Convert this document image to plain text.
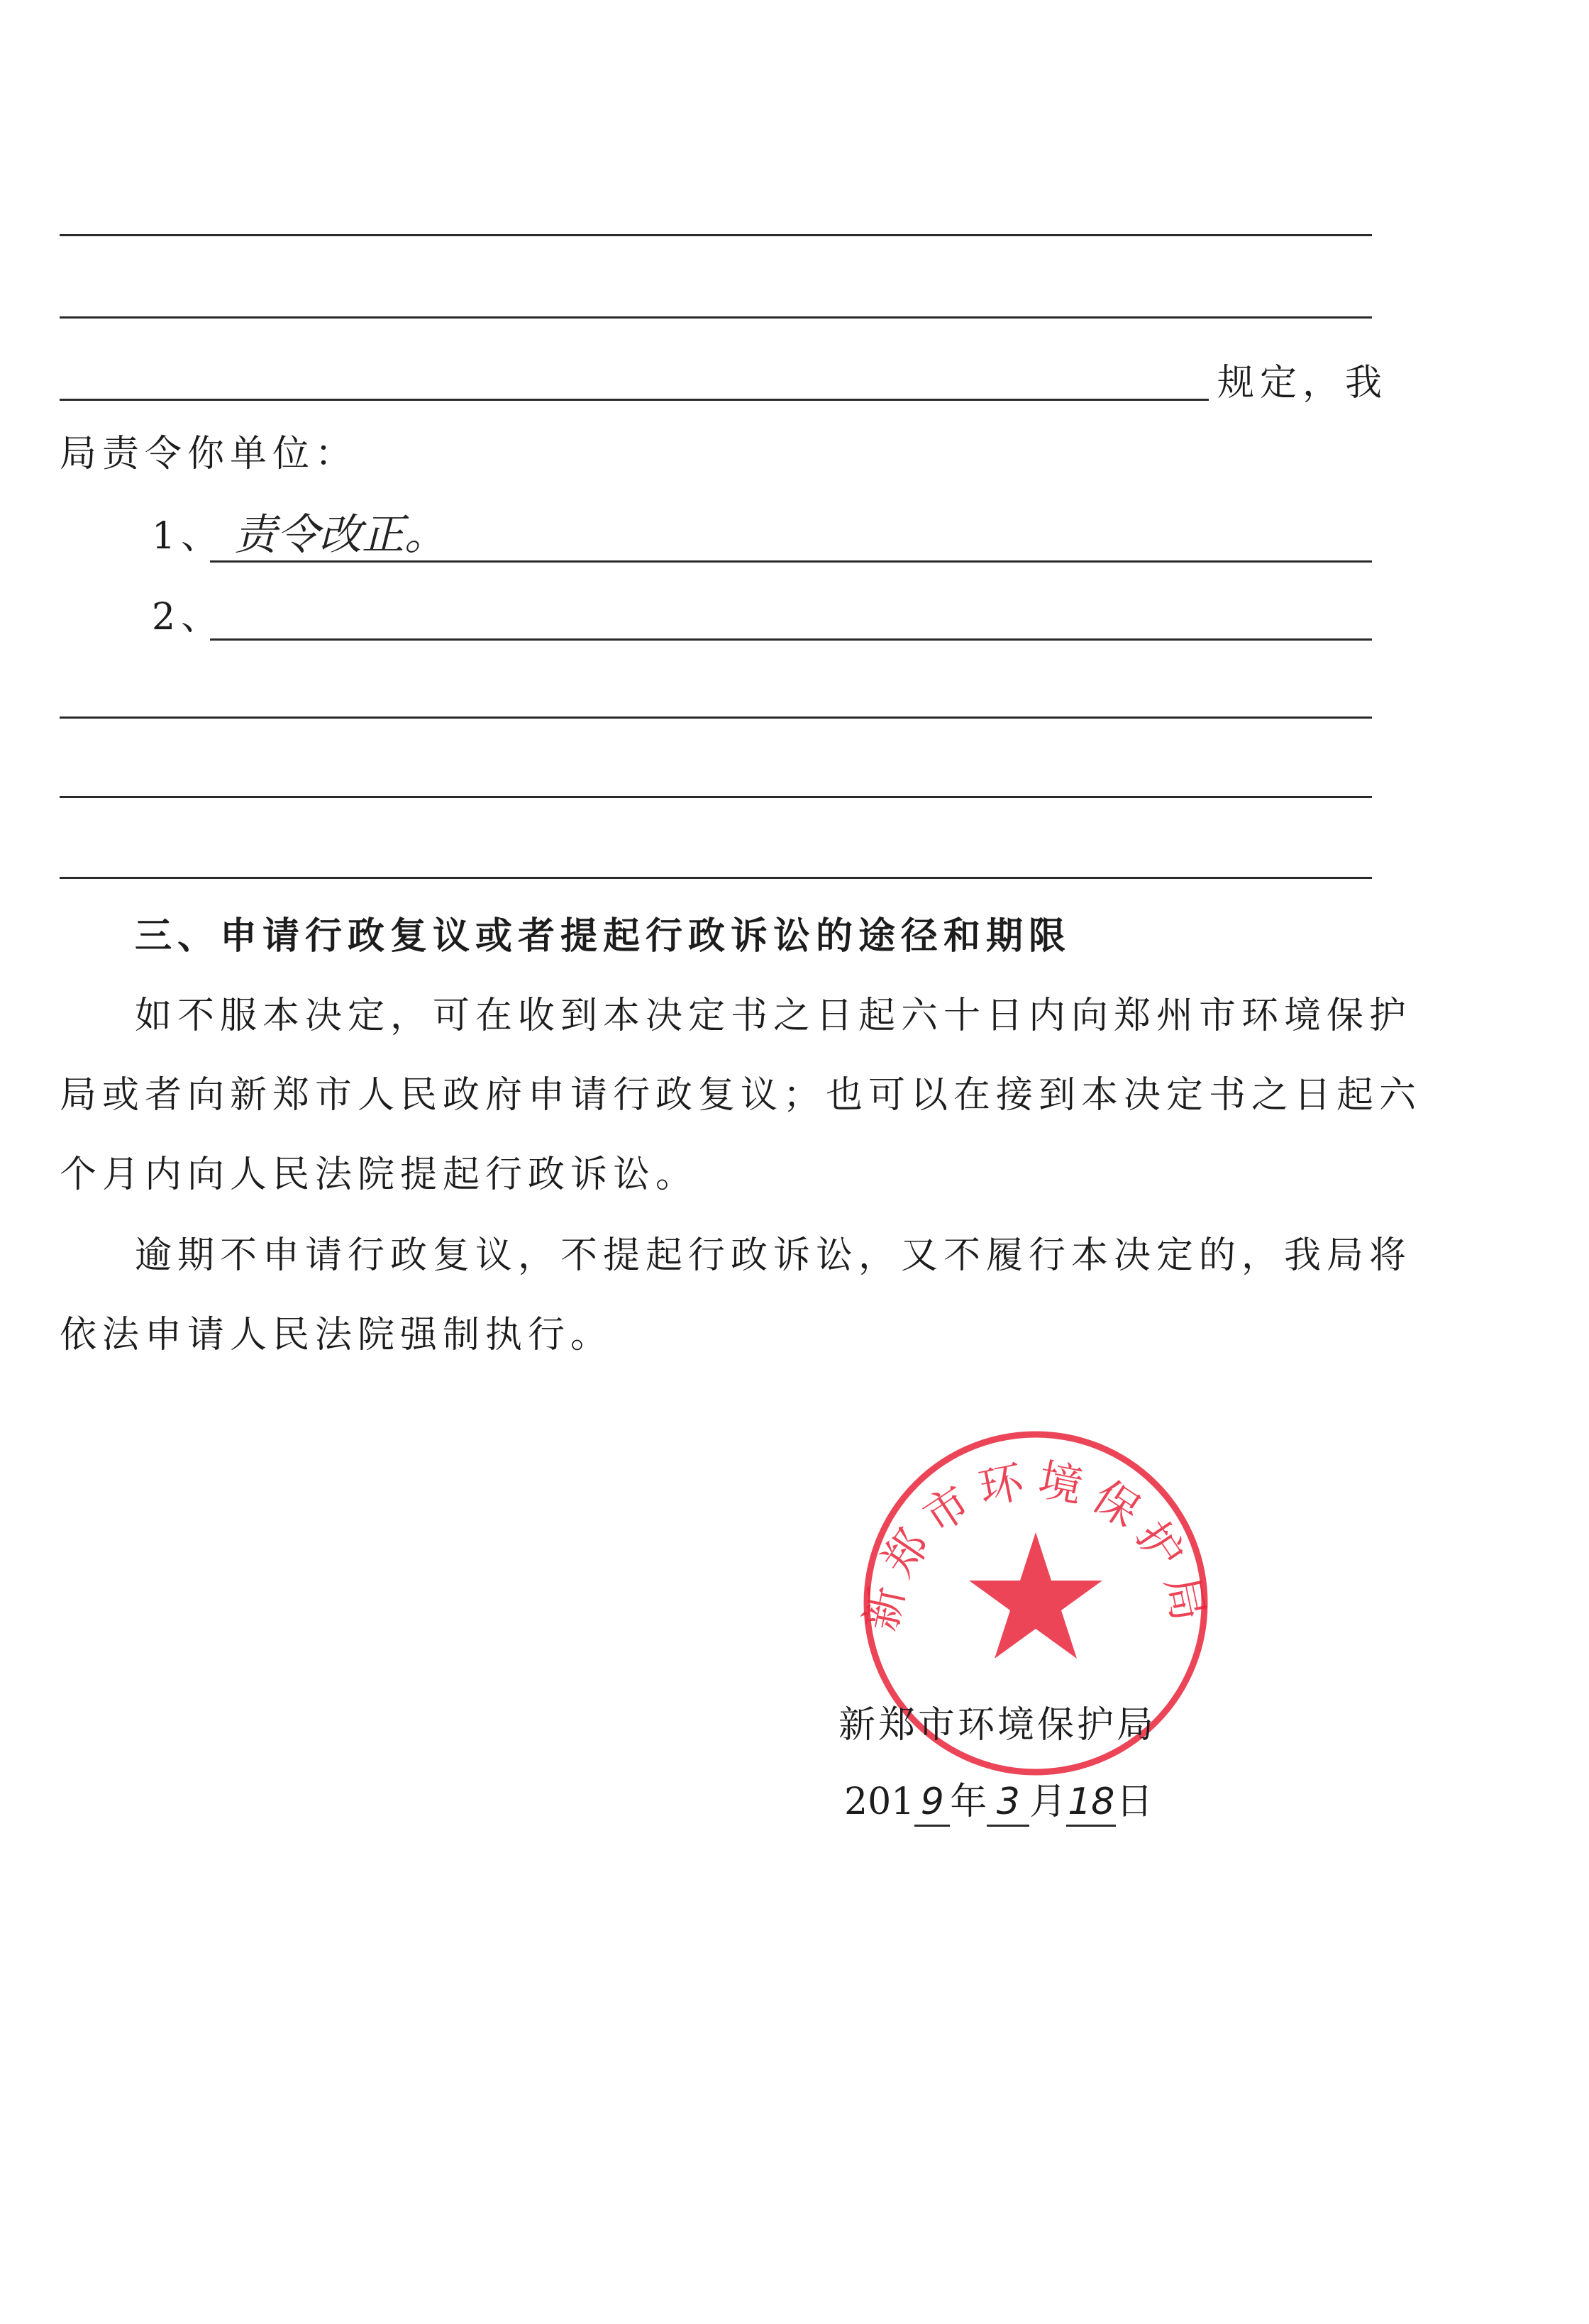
规定，我
局责令你单位：
1、 责令改正。
2、
三、申请行政复议或者提起行政诉讼的途径和期限
如不服本决定，可在收到本决定书之日起六十日内向郑州市环境保护
局或者向新郑市人民政府申请行政复议；也可以在接到本决定书之日起六
个月内向人民法院提起行政诉讼。
逾期不申请行政复议，不提起行政诉讼，又不履行本决定的，我局将
依法申请人民法院强制执行。
新郑市环境保护局
新郑市环境保护局
201 9 年 3 月18日
